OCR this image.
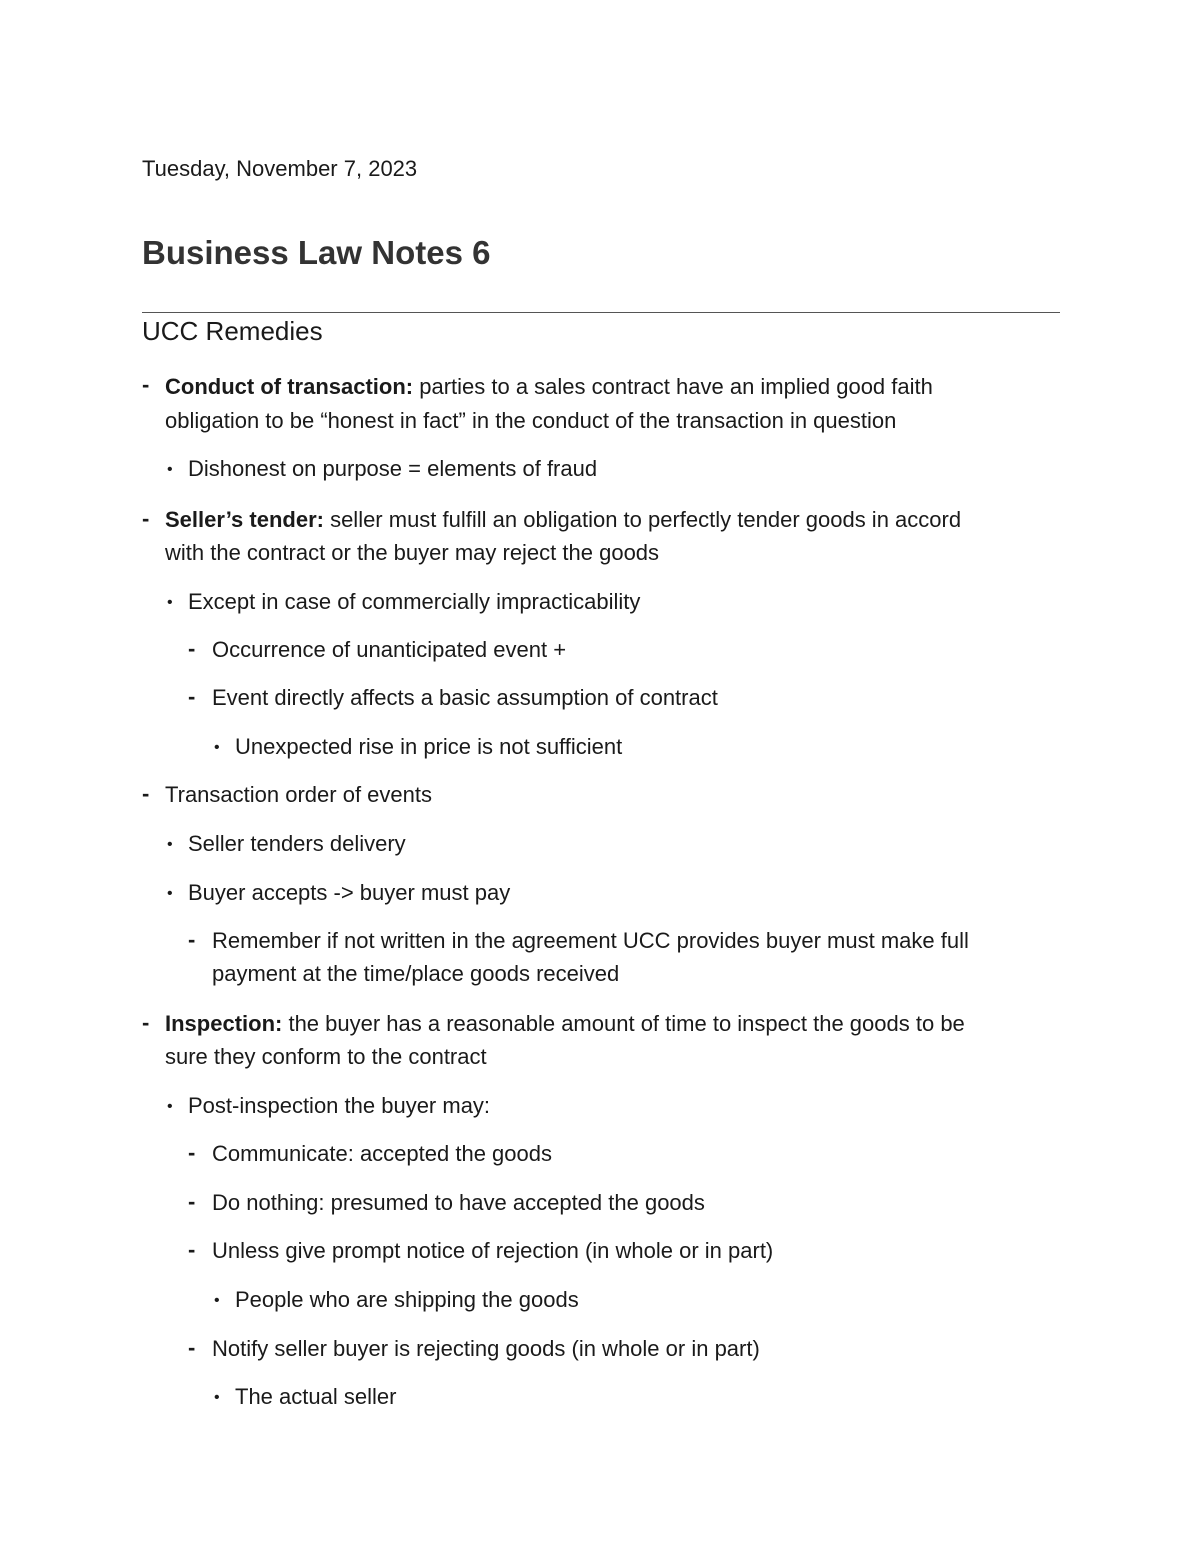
Tuesday, November 7, 2023
Business Law Notes 6
UCC Remedies
- Conduct of transaction: parties to a sales contract have an implied good faith
obligation to be “honest in fact” in the conduct of the transaction in question
• Dishonest on purpose = elements of fraud
- Seller’s tender: seller must fulfill an obligation to perfectly tender goods in accord
with the contract or the buyer may reject the goods
• Except in case of commercially impracticability
- Occurrence of unanticipated event +
- Event directly affects a basic assumption of contract
• Unexpected rise in price is not sufficient
- Transaction order of events
• Seller tenders delivery
• Buyer accepts -> buyer must pay
- Remember if not written in the agreement UCC provides buyer must make full
payment at the time/place goods received
- Inspection: the buyer has a reasonable amount of time to inspect the goods to be
sure they conform to the contract
• Post-inspection the buyer may:
- Communicate: accepted the goods
- Do nothing: presumed to have accepted the goods
- Unless give prompt notice of rejection (in whole or in part)
• People who are shipping the goods
- Notify seller buyer is rejecting goods (in whole or in part)
• The actual seller
